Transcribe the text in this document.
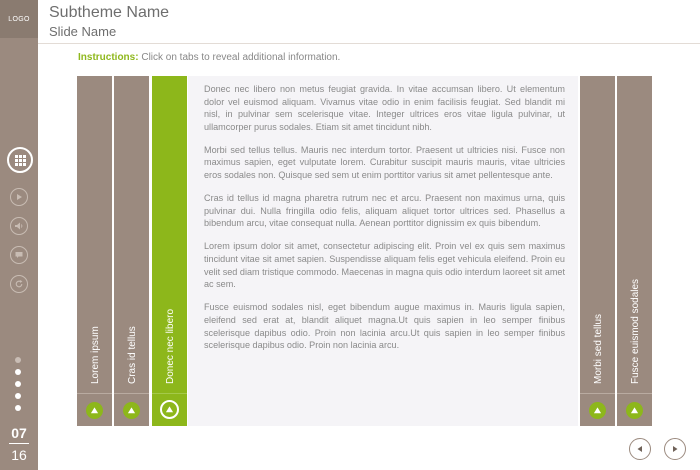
LOGO
07
16
Subtheme Name
Slide Name
Instructions: Click on tabs to reveal additional information.
Lorem ipsum	Cras id tellus	Donec nec libero

Donec nec libero non metus feugiat gravida. In vitae accumsan libero. Ut elementum dolor vel euismod aliquam. Vivamus vitae odio in enim facilisis feugiat. Sed blandit mi nisl, in pulvinar sem scelerisque vitae. Integer ultrices eros vitae ligula pulvinar, ut ullamcorper purus sodales. Etiam sit amet tincidunt nibh.

Morbi sed tellus tellus. Mauris nec interdum tortor. Praesent ut ultricies nisi. Fusce non maximus sapien, eget vulputate lorem. Curabitur suscipit mauris mauris, vitae ultricies eros sodales non. Quisque sed sem ut enim porttitor varius sit amet pellentesque ante.

Cras id tellus id magna pharetra rutrum nec et arcu. Praesent non maximus urna, quis pulvinar dui. Nulla fringilla odio felis, aliquam aliquet tortor ultrices sed. Phasellus a bibendum arcu, vitae consequat nulla. Aenean porttitor dignissim ex quis bibendum.

Lorem ipsum dolor sit amet, consectetur adipiscing elit. Proin vel ex quis sem maximus tincidunt vitae sit amet sapien. Suspendisse aliquam felis eget vehicula eleifend. Proin eu velit sed diam tristique commodo. Maecenas in magna quis odio interdum laoreet sit amet ac sem.

Fusce euismod sodales nisl, eget bibendum augue maximus in. Mauris ligula sapien, eleifend sed erat at, blandit aliquet magna.Ut quis sapien in leo semper finibus scelerisque dapibus odio. Proin non lacinia arcu.Ut quis sapien in leo semper finibus scelerisque dapibus odio. Proin non lacinia arcu.	Morbi sed tellus	Fusce euismod sodales
